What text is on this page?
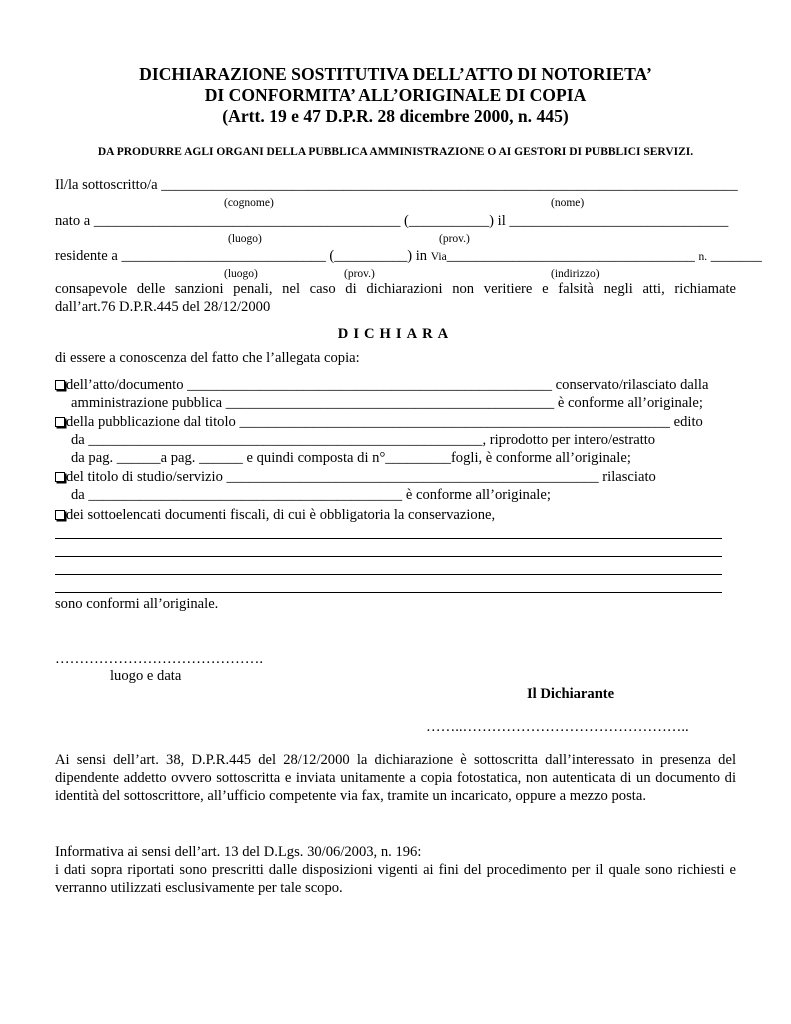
DICHIARAZIONE SOSTITUTIVA DELL’ATTO DI NOTORIETA’
DI CONFORMITA’ ALL’ORIGINALE DI COPIA
(Artt. 19 e 47 D.P.R. 28 dicembre 2000, n. 445)
DA PRODURRE AGLI ORGANI DELLA PUBBLICA AMMINISTRAZIONE O AI GESTORI DI PUBBLICI SERVIZI.
Il/la sottoscritto/a _______________________________________________________________________________
(cognome)	(nome)
nato a __________________________________________ (___________) il ______________________________
(luogo)	(prov.)
residente a ____________________________ (__________) in Via__________________________________ n. _______
(luogo)	(prov.)	(indirizzo)
consapevole delle sanzioni penali, nel caso di dichiarazioni non veritiere e falsità negli atti, richiamate
dall’art.76 D.P.R.445 del 28/12/2000
DICHIARA
di essere a conoscenza del fatto che l’allegata copia:
dell’atto/documento __________________________________________________ conservato/rilasciato dalla
amministrazione pubblica _____________________________________________ è conforme all’originale;
della pubblicazione dal titolo ___________________________________________________________ edito
da ______________________________________________________, riprodotto per intero/estratto
da pag. ______a pag. ______ e quindi composta di n°_________fogli, è conforme all’originale;
del titolo di studio/servizio ___________________________________________________ rilasciato
da ___________________________________________ è conforme all’originale;
dei sottoelencati documenti fiscali, di cui è obbligatoria la conservazione,
sono conformi all’originale.
…………………………………….
luogo e data
Il Dichiarante
……..………………………………………..
Ai sensi dell’art. 38, D.P.R.445 del 28/12/2000 la dichiarazione è sottoscritta dall’interessato in presenza del dipendente addetto ovvero sottoscritta e inviata unitamente a copia fotostatica, non autenticata di un documento di identità del sottoscrittore, all’ufficio competente via fax, tramite un incaricato, oppure a mezzo posta.
Informativa ai sensi dell’art. 13 del D.Lgs. 30/06/2003, n. 196:
i dati sopra riportati sono prescritti dalle disposizioni vigenti ai fini del procedimento per il quale sono richiesti e verranno utilizzati esclusivamente per tale scopo.
